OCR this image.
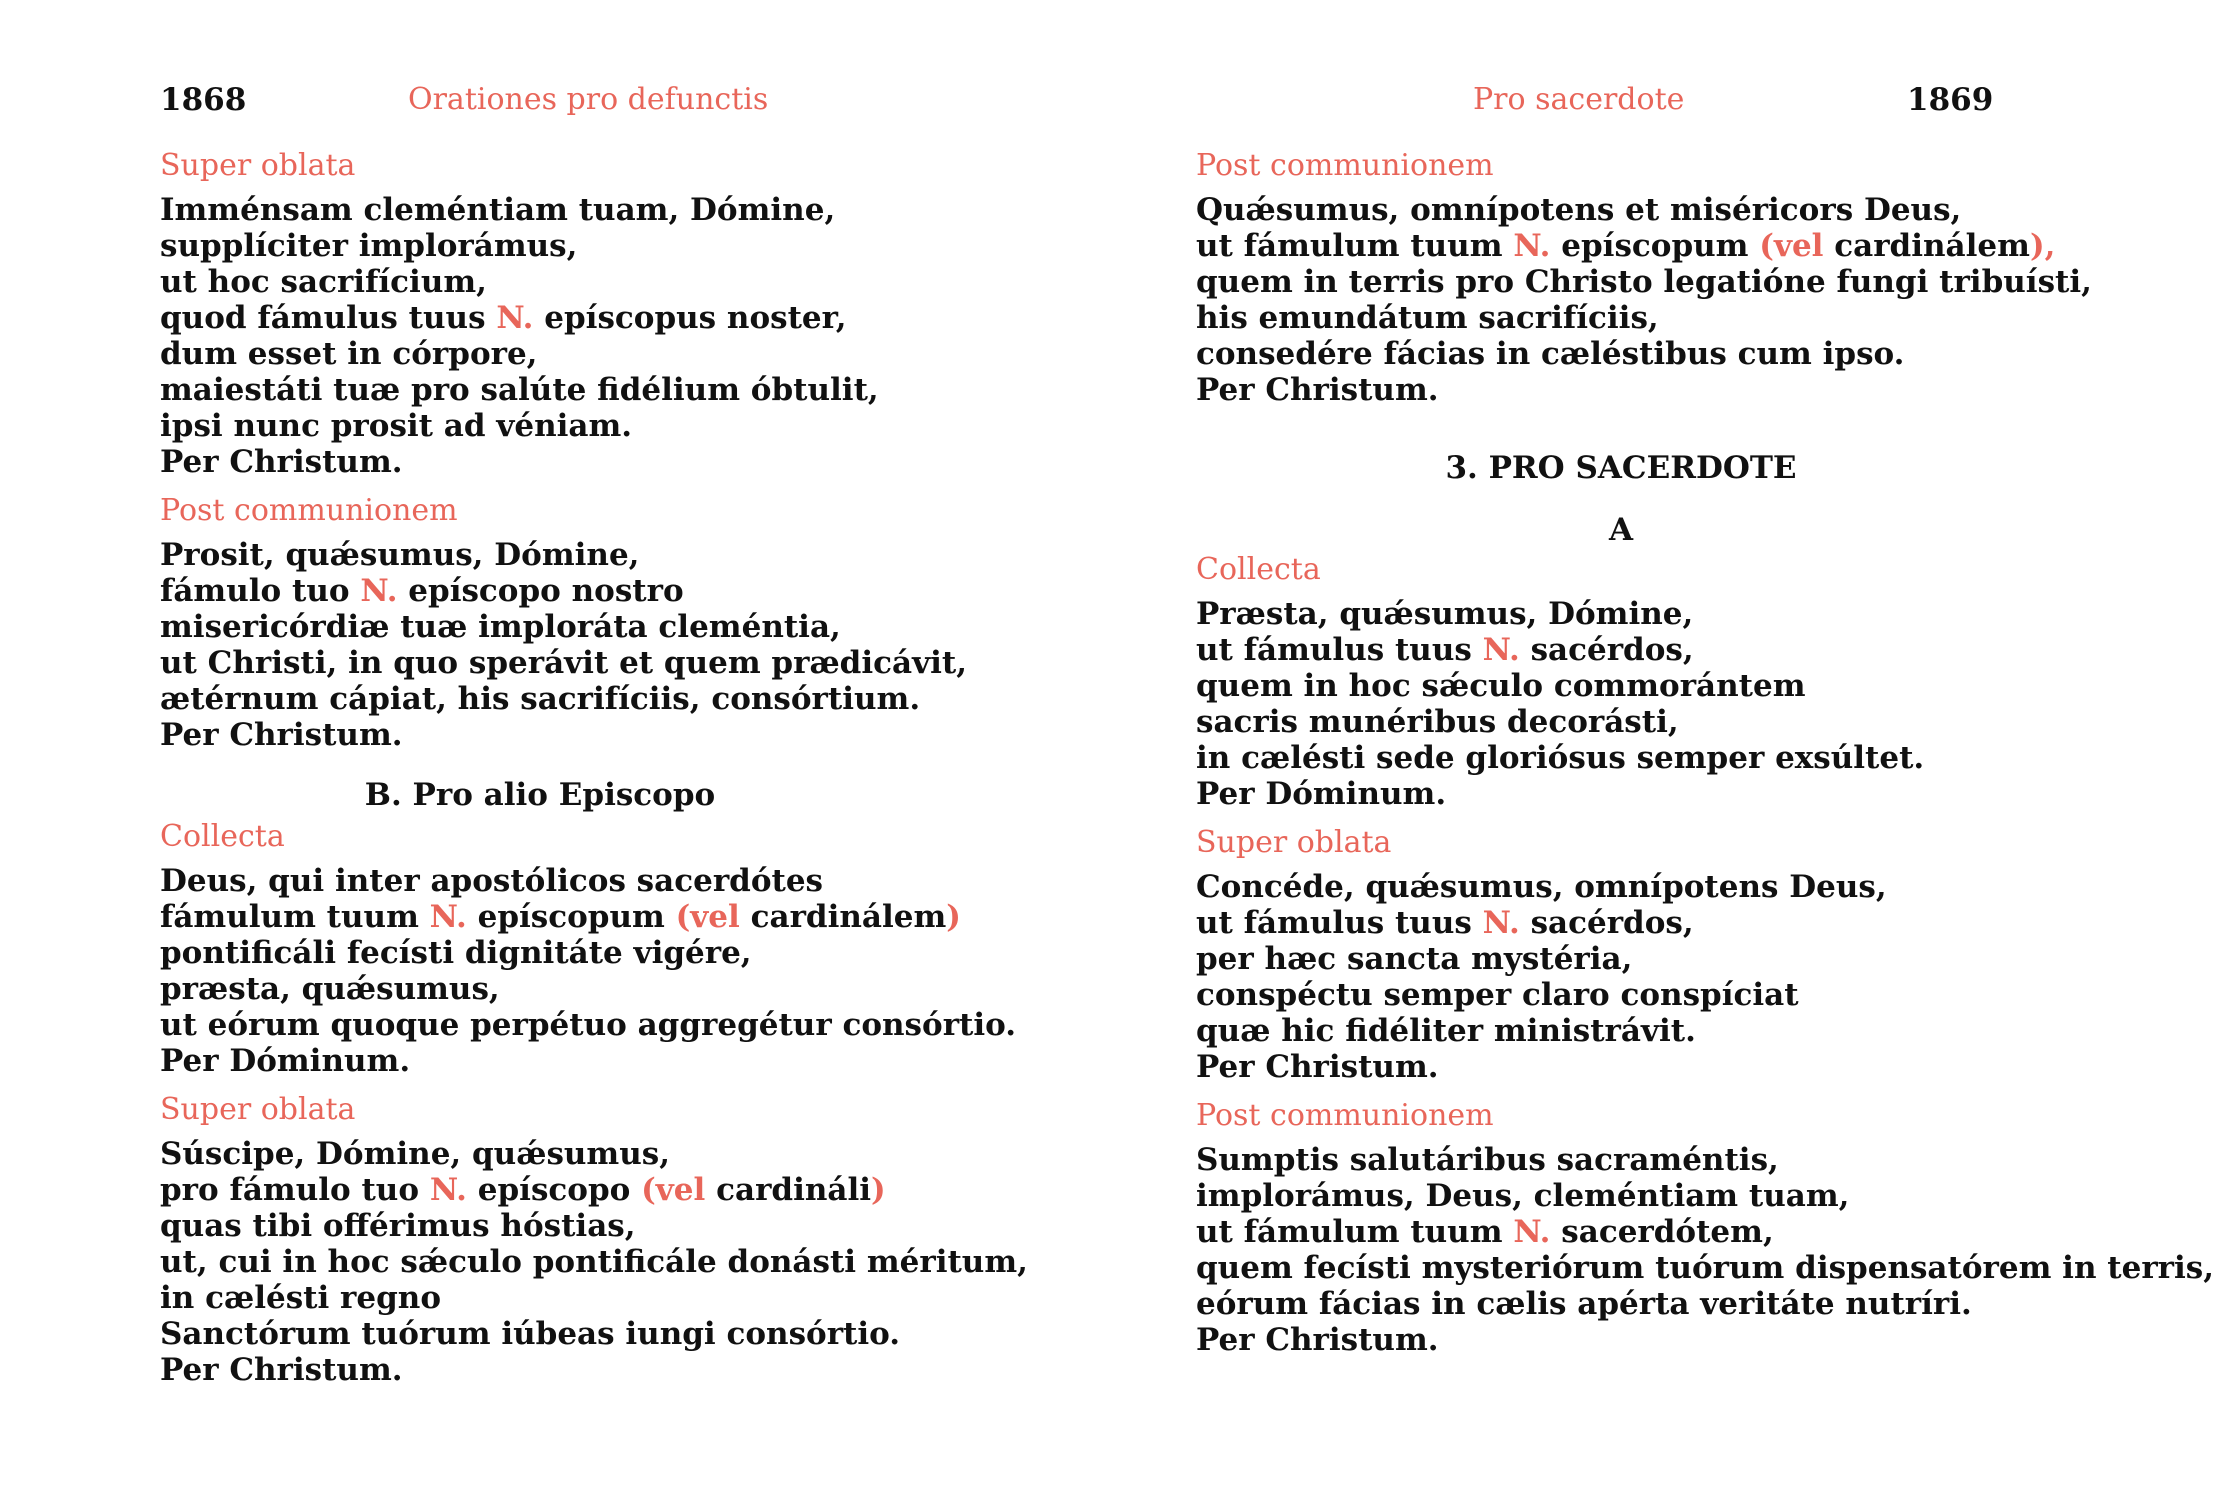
1868	Orationes pro defunctis
Super oblata
Imménsam cleméntiam tuam, Dómine,
supplíciter implorámus,
ut hoc sacrifícium,
quod fámulus tuus N. epíscopus noster,
dum esset in córpore,
maiestáti tuæ pro salúte fidélium óbtulit,
ipsi nunc prosit ad véniam.
Per Christum.
Post communionem
Prosit, quǽsumus, Dómine,
fámulo tuo N. epíscopo nostro
misericórdiæ tuæ imploráta cleméntia,
ut Christi, in quo sperávit et quem prædicávit,
ætérnum cápiat, his sacrifíciis, consórtium.
Per Christum.
B. Pro alio Episcopo
Collecta
Deus, qui inter apostólicos sacerdótes
fámulum tuum N. epíscopum (vel cardinálem)
pontificáli fecísti dignitáte vigére,
præsta, quǽsumus,
ut eórum quoque perpétuo aggregétur consórtio.
Per Dóminum.
Super oblata
Súscipe, Dómine, quǽsumus,
pro fámulo tuo N. epíscopo (vel cardináli)
quas tibi offérimus hóstias,
ut, cui in hoc sǽculo pontificále donásti méritum,
in cælésti regno
Sanctórum tuórum iúbeas iungi consórtio.
Per Christum.
Pro sacerdote	1869
Post communionem
Quǽsumus, omnípotens et miséricors Deus,
ut fámulum tuum N. epíscopum (vel cardinálem),
quem in terris pro Christo legatióne fungi tribuísti,
his emundátum sacrifíciis,
consedére fácias in cæléstibus cum ipso.
Per Christum.
3. PRO SACERDOTE
A
Collecta
Præsta, quǽsumus, Dómine,
ut fámulus tuus N. sacérdos,
quem in hoc sǽculo commorántem
sacris munéribus decorásti,
in cælésti sede gloriósus semper exsúltet.
Per Dóminum.
Super oblata
Concéde, quǽsumus, omnípotens Deus,
ut fámulus tuus N. sacérdos,
per hæc sancta mystéria,
conspéctu semper claro conspíciat
quæ hic fidéliter ministrávit.
Per Christum.
Post communionem
Sumptis salutáribus sacraméntis,
implorámus, Deus, cleméntiam tuam,
ut fámulum tuum N. sacerdótem,
quem fecísti mysteriórum tuórum dispensatórem in terris,
eórum fácias in cælis apérta veritáte nutríri.
Per Christum.
